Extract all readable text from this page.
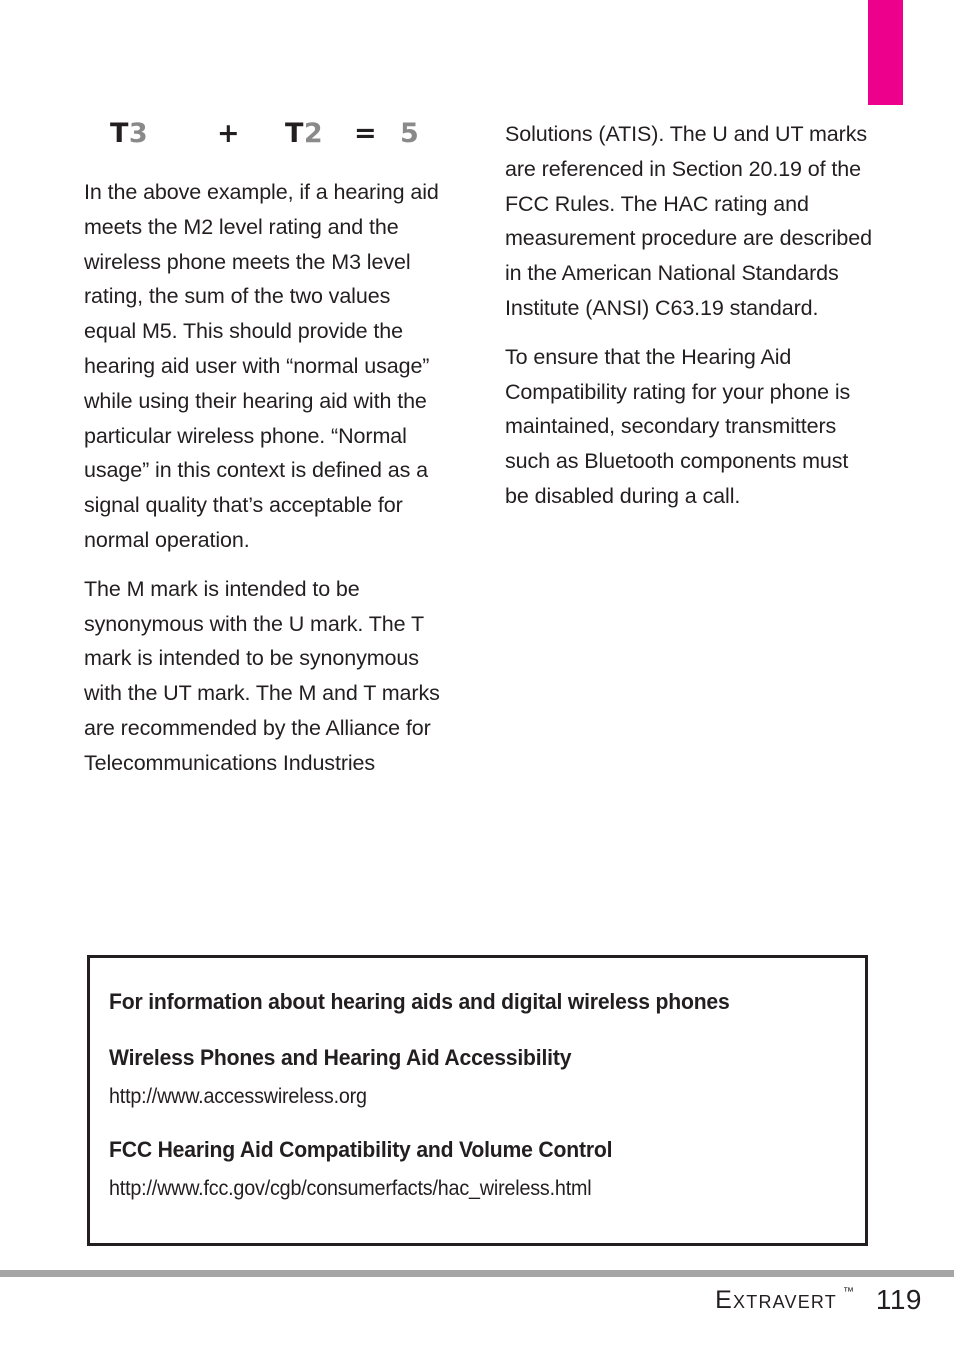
T3	+ T2 = 5

In the above example, if a hearing aid meets the M2 level rating and the wireless phone meets the M3 level rating, the sum of the two values equal M5. This should provide the hearing aid user with “normal usage” while using their hearing aid with the particular wireless phone. “Normal usage” in this context is defined as a signal quality that’s acceptable for normal operation.

The M mark is intended to be synonymous with the U mark. The T mark is intended to be synonymous with the UT mark. The M and T marks are recommended by the Alliance for Telecommunications Industries

Solutions (ATIS). The U and UT marks are referenced in Section 20.19 of the FCC Rules. The HAC rating and measurement procedure are described in the American National Standards Institute (ANSI) C63.19 standard.

To ensure that the Hearing Aid Compatibility rating for your phone is maintained, secondary transmitters such as Bluetooth components must be disabled during a call.

For information about hearing aids and digital wireless phones

Wireless Phones and Hearing Aid Accessibility

http://www.accesswireless.org

FCC Hearing Aid Compatibility and Volume Control

http://www.fcc.gov/cgb/consumerfacts/hac_wireless.html

Extravert ™ 119
